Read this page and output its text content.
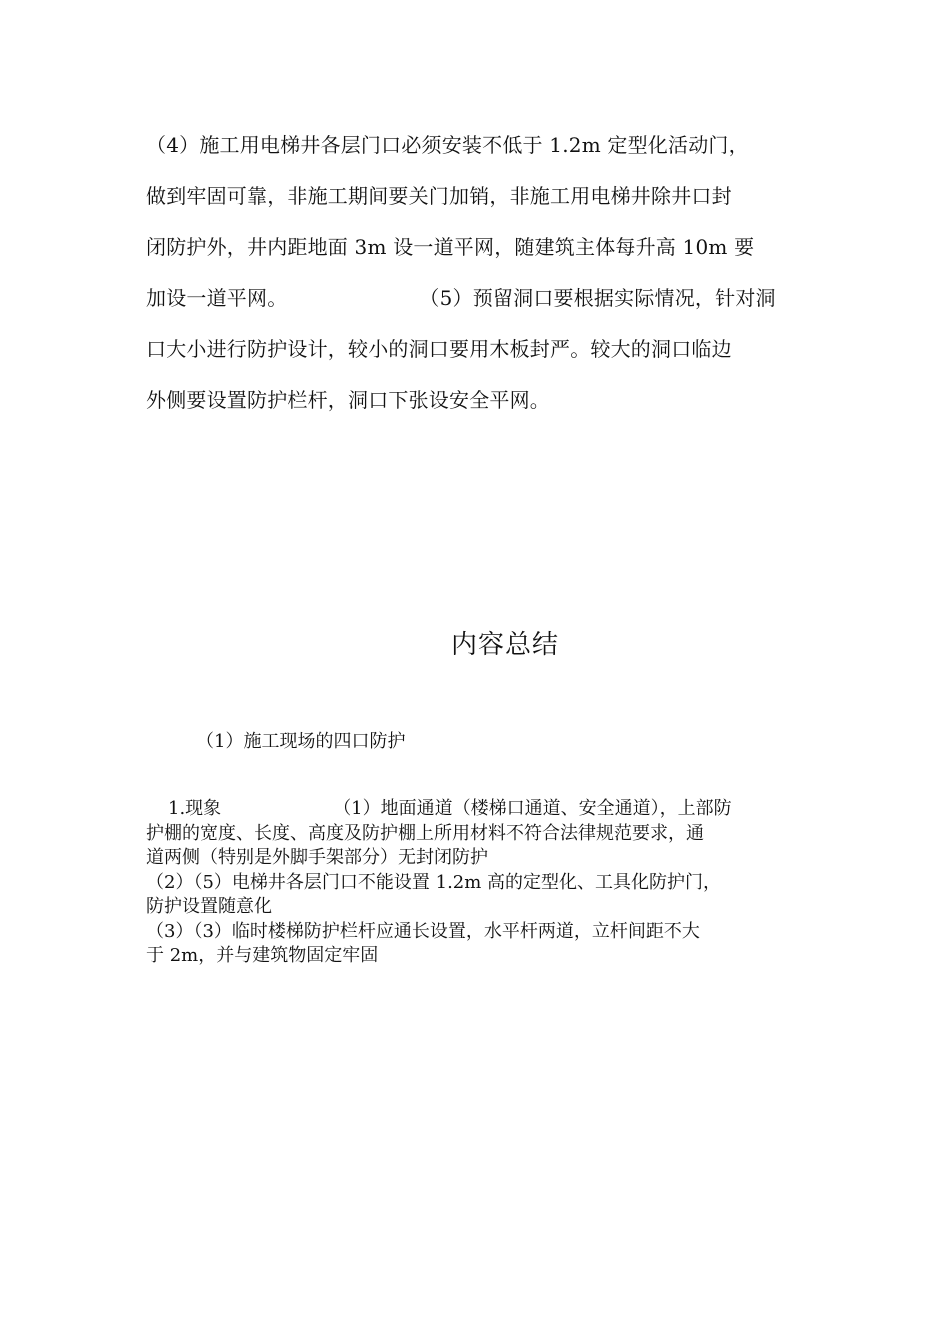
（4）施工用电梯井各层门口必须安装不低于 1.2m 定型化活动门，
做到牢固可靠，非施工期间要关门加销，非施工用电梯井除井口封
闭防护外，井内距地面 3m 设一道平网，随建筑主体每升高 10m 要
加设一道平网。	（5）预留洞口要根据实际情况，针对洞
口大小进行防护设计，较小的洞口要用木板封严。较大的洞口临边
外侧要设置防护栏杆，洞口下张设安全平网。
内容总结
（1）施工现场的四口防护
1.现象	（1）地面通道（楼梯口通道、安全通道），上部防
护棚的宽度、长度、高度及防护棚上所用材料不符合法律规范要求，通
道两侧（特别是外脚手架部分）无封闭防护
（2）（5）电梯井各层门口不能设置 1.2m 高的定型化、工具化防护门，
防护设置随意化
（3）（3）临时楼梯防护栏杆应通长设置，水平杆两道，立杆间距不大
于 2m，并与建筑物固定牢固
